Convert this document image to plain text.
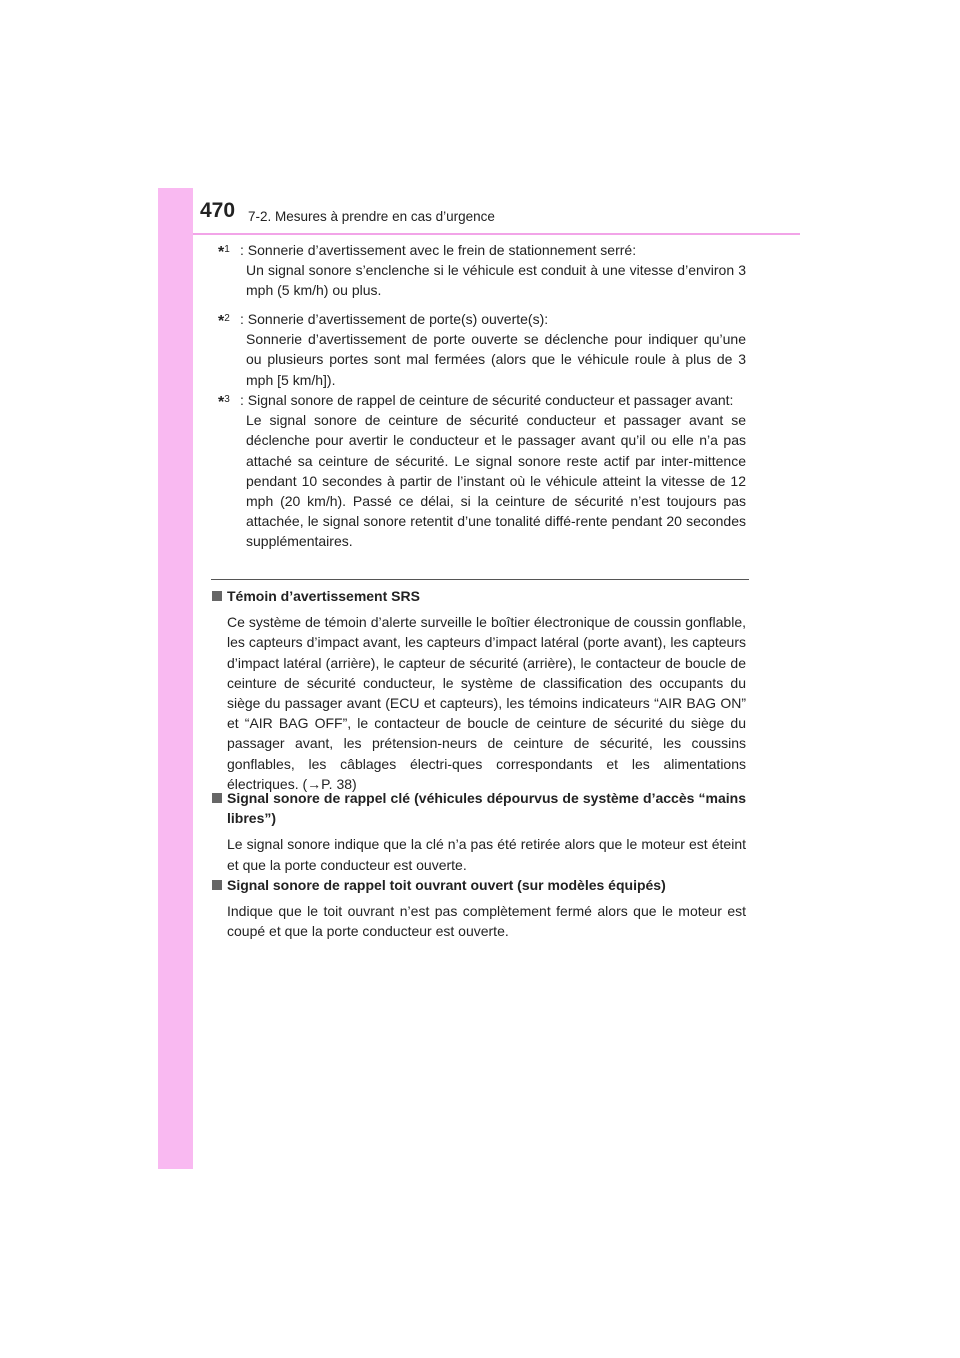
470 7-2. Mesures à prendre en cas d’urgence
*$^1$ : Sonnerie d’avertissement avec le frein de stationnement serré:
Un signal sonore s’enclenche si le véhicule est conduit à une vitesse d’environ 3 mph (5 km/h) ou plus.
*$^2$ : Sonnerie d’avertissement de porte(s) ouverte(s):
Sonnerie d’avertissement de porte ouverte se déclenche pour indiquer qu’une ou plusieurs portes sont mal fermées (alors que le véhicule roule à plus de 3 mph [5 km/h]).
*$^3$ : Signal sonore de rappel de ceinture de sécurité conducteur et passager avant:
Le signal sonore de ceinture de sécurité conducteur et passager avant se déclenche pour avertir le conducteur et le passager avant qu’il ou elle n’a pas attaché sa ceinture de sécurité. Le signal sonore reste actif par inter-mittence pendant 10 secondes à partir de l’instant où le véhicule atteint la vitesse de 12 mph (20 km/h). Passé ce délai, si la ceinture de sécurité n’est toujours pas attachée, le signal sonore retentit d’une tonalité diffé-rente pendant 20 secondes supplémentaires.
Témoin d’avertissement SRS
Ce système de témoin d’alerte surveille le boîtier électronique de coussin gonflable, les capteurs d’impact avant, les capteurs d’impact latéral (porte avant), les capteurs d’impact latéral (arrière), le capteur de sécurité (arrière), le contacteur de boucle de ceinture de sécurité conducteur, le système de classification des occupants du siège du passager avant (ECU et capteurs), les témoins indicateurs “AIR BAG ON” et “AIR BAG OFF”, le contacteur de boucle de ceinture de sécurité du siège du passager avant, les prétension-neurs de ceinture de sécurité, les coussins gonflables, les câblages électri-ques correspondants et les alimentations électriques. (→P. 38)
Signal sonore de rappel clé (véhicules dépourvus de système d’accès “mains libres”)
Le signal sonore indique que la clé n’a pas été retirée alors que le moteur est éteint et que la porte conducteur est ouverte.
Signal sonore de rappel toit ouvrant ouvert (sur modèles équipés)
Indique que le toit ouvrant n’est pas complètement fermé alors que le moteur est coupé et que la porte conducteur est ouverte.
